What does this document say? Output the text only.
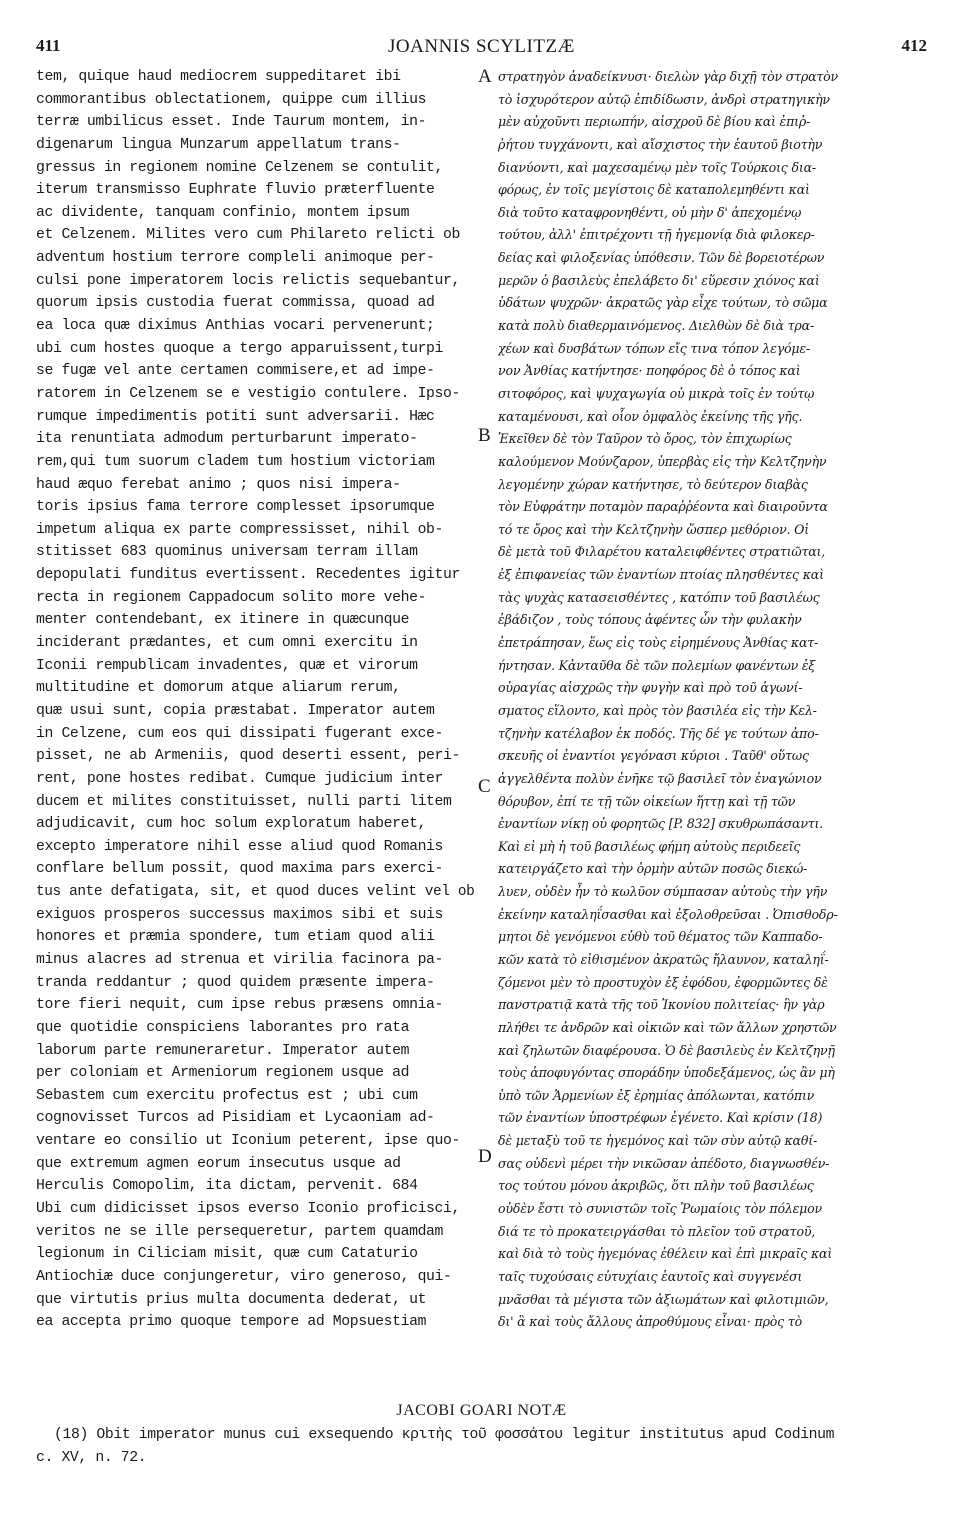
411	JOANNIS SCYLITZÆ	412
tem, quique haud mediocrem suppeditaret ibi
commorantibus oblectationem, quippe cum illius
terræ umbilicus esset. Inde Taurum montem, in-
digenarum lingua Munzarum appellatum trans-
gressus in regionem nomine Celzenem se contulit,
iterum transmisso Euphrate fluvio præterfluente
ac dividente, tanquam confinio, montem ipsum
et Celzenem. Milites vero cum Philareto relicti ob
adventum hostium terrore compleli animoque per-
culsi pone imperatorem locis relictis sequebantur,
quorum ipsis custodia fuerat commissa, quoad ad
ea loca quæ diximus Anthias vocari pervenerunt;
ubi cum hostes quoque a tergo apparuissent,turpi
se fugæ vel ante certamen commisere,et ad impe-
ratorem in Celzenem se e vestigio contulere. Ipso-
rumque impedimentis potiti sunt adversarii. Hæc
ita renuntiata admodum perturbarunt imperato-
rem,qui tum suorum cladem tum hostium victoriam
haud æquo ferebat animo ; quos nisi impera-
toris ipsius fama terrore complesset ipsorumque
impetum aliqua ex parte compressisset, nihil ob-
stitisset 683 quominus universam terram illam
depopulati funditus evertissent. Recedentes igitur
recta in regionem Cappadocum solito more vehe-
menter contendebant, ex itinere in quæcunque
inciderant prædantes, et cum omni exercitu in
Iconii rempublicam invadentes, quæ et virorum
multitudine et domorum atque aliarum rerum,
quæ usui sunt, copia præstabat. Imperator autem
in Celzene, cum eos qui dissipati fugerant exce-
pisset, ne ab Armeniis, quod deserti essent, peri-
rent, pone hostes redibat. Cumque judicium inter
ducem et milites constituisset, nulli parti litem
adjudicavit, cum hoc solum exploratum haberet,
excepto imperatore nihil esse aliud quod Romanis
conflare bellum possit, quod maxima pars exerci-
tus ante defatigata, sit, et quod duces velint vel ob
exiguos prosperos successus maximos sibi et suis
honores et præmia spondere, tum etiam quod alii
minus alacres ad strenua et virilia facinora pa-
tranda reddantur ; quod quidem præsente impera-
tore fieri nequit, cum ipse rebus præsens omnia-
que quotidie conspiciens laborantes pro rata
laborum parte remuneraretur. Imperator autem
per coloniam et Armeniorum regionem usque ad
Sebastem cum exercitu profectus est ; ubi cum
cognovisset Turcos ad Pisidiam et Lycaoniam ad-
ventare eo consilio ut Iconium peterent, ipse quo-
que extremum agmen eorum insecutus usque ad
Herculis Comopolim, ita dictam, pervenit. 684
Ubi cum didicisset ipsos everso Iconio proficisci,
veritos ne se ille persequeretur, partem quamdam
legionum in Ciliciam misit, quæ cum Cataturio
Antiochiæ duce conjungeretur, viro generoso, qui-
que virtutis prius multa documenta dederat, ut
ea accepta primo quoque tempore ad Mopsuestiam
στρατηγὸν ἀναδείκνυσι· διελὼν γὰρ διχῇ τὸν στρατὸν
τὸ ἰσχυρότερον αὐτῷ ἐπιδίδωσιν, ἀνδρὶ στρατηγικὴν
μὲν αὐχοῦντι περιωπήν, αἰσχροῦ δὲ βίου καὶ ἐπιῤ-
ῥήτου τυγχάνοντι, καὶ αἴσχιστος τὴν ἑαυτοῦ βιοτὴν
διανύοντι, καὶ μαχεσαμένῳ μὲν τοῖς Τούρκοις δια-
φόρως, ἐν τοῖς μεγίστοις δὲ καταπολεμηθέντι καὶ
διὰ τοῦτο καταφρονηθέντι, οὐ μὴν δ' ἀπεχομένῳ
τούτου, ἀλλ' ἐπιτρέχοντι τῇ ἡγεμονίᾳ διὰ φιλοκερ-
δείας καὶ φιλοξενίας ὑπόθεσιν. Τῶν δὲ βορειοτέρων
μερῶν ὁ βασιλεὺς ἐπελάβετο δι' εὕρεσιν χιόνος καὶ
ὑδάτων ψυχρῶν· ἀκρατῶς γὰρ εἶχε τούτων, τὸ σῶμα
κατὰ πολὺ διαθερμαινόμενος. Διελθὼν δὲ διὰ τρα-
χέων καὶ δυσβάτων τόπων εἴς τινα τόπον λεγόμε-
νον Ἀνθίας κατήντησε· ποηφόρος δὲ ὁ τόπος καὶ
σιτοφόρος, καὶ ψυχαγωγία οὐ μικρὰ τοῖς ἐν τούτῳ
καταμένουσι, καὶ οἷον ὀμφαλὸς ἐκείνης τῆς γῆς.
Ἐκεῖθεν δὲ τὸν Ταῦρον τὸ ὄρος, τὸν ἐπιχωρίως
καλούμενον Μούνζαρον, ὑπερβὰς εἰς τὴν Κελτζηνὴν
λεγομένην χώραν κατήντησε, τὸ δεύτερον διαβὰς
τὸν Εὐφράτην ποταμὸν παραῤῥέοντα καὶ διαιροῦντα
τό τε ὄρος καὶ τὴν Κελτζηνὴν ὥσπερ μεθόριον. Οἱ
δὲ μετὰ τοῦ Φιλαρέτου καταλειφθέντες στρατιῶται,
ἐξ ἐπιφανείας τῶν ἐναντίων πτοίας πλησθέντες καὶ
τὰς ψυχὰς κατασεισθέντες , κατόπιν τοῦ βασιλέως
ἐβάδιζον , τοὺς τόπους ἀφέντες ὧν τὴν φυλακὴν
ἐπετράπησαν, ἕως εἰς τοὺς εἰρημένους Ἀνθίας κατ-
ήντησαν. Κἀνταῦθα δὲ τῶν πολεμίων φανέντων ἐξ
οὐραγίας αἰσχρῶς τὴν φυγὴν καὶ πρὸ τοῦ ἀγωνί-
σματος εἵλοντο, καὶ πρὸς τὸν βασιλέα εἰς τὴν Κελ-
τζηνὴν κατέλαβον ἐκ ποδός. Τῆς δέ γε τούτων ἀπο-
σκευῆς οἱ ἐναντίοι γεγόνασι κύριοι . Ταῦθ' οὕτως
ἀγγελθέντα πολὺν ἐνῆκε τῷ βασιλεῖ τὸν ἐναγώνιον
θόρυβον, ἐπί τε τῇ τῶν οἰκείων ἥττῃ καὶ τῇ τῶν
ἐναντίων νίκῃ οὐ φορητῶς [P. 832] σκυθρωπάσαντι.
Καὶ εἰ μὴ ἡ τοῦ βασιλέως φήμη αὐτοὺς περιδεεῖς
κατειργάζετο καὶ τὴν ὁρμὴν αὐτῶν ποσῶς διεκώ-
λυεν, οὐδὲν ἦν τὸ κωλῦον σύμπασαν αὐτοὺς τὴν γῆν
ἐκείνην καταληΐσασθαι καὶ ἐξολοθρεῦσαι . Ὀπισθοδρ-
μητοι δὲ γενόμενοι εὐθὺ τοῦ θέματος τῶν Καππαδο-
κῶν κατὰ τὸ εἰθισμένον ἀκρατῶς ἤλαυνον, καταληΐ-
ζόμενοι μὲν τὸ προστυχὸν ἐξ ἐφόδου, ἐφορμῶντες δὲ
πανστρατιᾷ κατὰ τῆς τοῦ Ἰκονίου πολιτείας· ἣν γὰρ
πλήθει τε ἀνδρῶν καὶ οἰκιῶν καὶ τῶν ἄλλων χρηστῶν
καὶ ζηλωτῶν διαφέρουσα. Ὁ δὲ βασιλεὺς ἐν Κελτζηνῇ
τοὺς ἀποφυγόντας σποράδην ὑποδεξάμενος, ὡς ἂν μὴ
ὑπὸ τῶν Ἀρμενίων ἐξ ἐρημίας ἀπόλωνται, κατόπιν
τῶν ἐναντίων ὑποστρέφων ἐγένετο. Καὶ κρίσιν (18)
δὲ μεταξὺ τοῦ τε ἡγεμόνος καὶ τῶν σὺν αὐτῷ καθί-
σας οὐδενὶ μέρει τὴν νικῶσαν ἀπέδοτο, διαγνωσθέν-
τος τούτου μόνου ἀκριβῶς, ὅτι πλὴν τοῦ βασιλέως
οὐδὲν ἔστι τὸ συνιστῶν τοῖς Ῥωμαίοις τὸν πόλεμον
διά τε τὸ προκατειργάσθαι τὸ πλεῖον τοῦ στρατοῦ,
καὶ διὰ τὸ τοὺς ἡγεμόνας ἐθέλειν καὶ ἐπὶ μικραῖς καὶ
ταῖς τυχούσαις εὐτυχίαις ἑαυτοῖς καὶ συγγενέσι
μνᾶσθαι τὰ μέγιστα τῶν ἀξιωμάτων καὶ φιλοτιμιῶν,
δι' ἃ καὶ τοὺς ἄλλους ἀπροθύμους εἶναι· πρὸς τὸ
A
B
C
D
JACOBI GOARI NOTÆ
(18) Obit imperator munus cui exsequendo κριτὴς τοῦ φοσσάτου legitur institutus apud Codinum
c. XV, n. 72.
